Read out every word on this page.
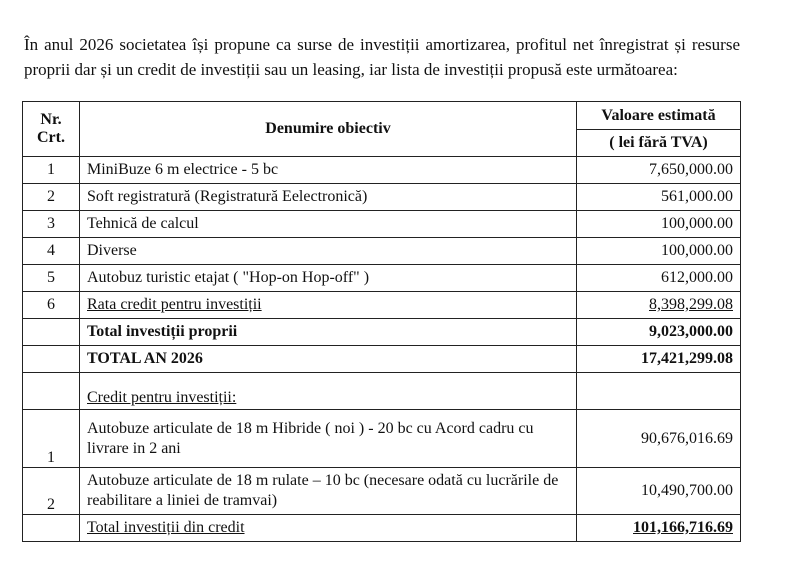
În anul 2026 societatea își propune ca surse de investiții amortizarea, profitul net înregistrat și resurse proprii dar și un credit de investiții sau un leasing, iar lista de investiții propusă este următoarea:

Nr. Crt.	Denumire obiectiv	Valoare estimată
		( lei fără TVA)
1	MiniBuze 6 m electrice - 5 bc	7,650,000.00
2	Soft registratură (Registratură Eelectronică)	561,000.00
3	Tehnică de calcul	100,000.00
4	Diverse	100,000.00
5	Autobuz turistic etajat ( "Hop-on Hop-off" )	612,000.00
6	Rata credit pentru investiții	8,398,299.08
	Total investiții proprii	9,023,000.00
	TOTAL AN 2026	17,421,299.08
	Credit pentru investiții:	
1	Autobuze articulate de 18 m Hibride ( noi ) - 20 bc cu Acord cadru cu livrare in 2 ani	90,676,016.69
2	Autobuze articulate de 18 m rulate – 10 bc (necesare odată cu lucrările de reabilitare a liniei de tramvai)	10,490,700.00
	Total investiții din credit	101,166,716.69
